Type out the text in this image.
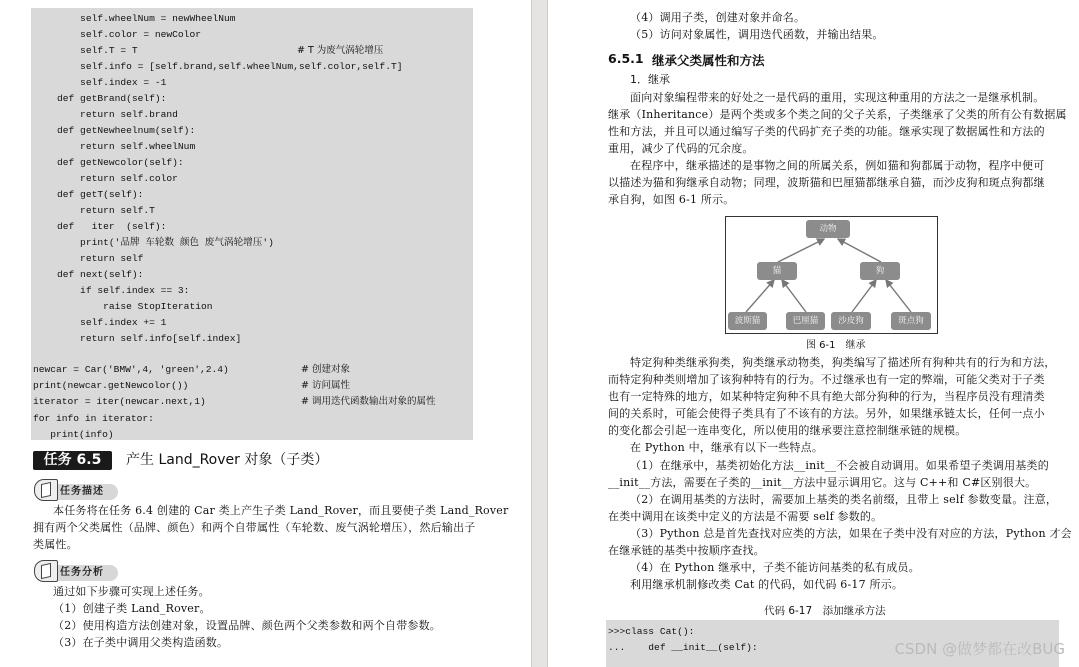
self.wheelNum = newWheelNum
self.color = newColor
self.T = T	# T 为废气涡轮增压
self.info = [self.brand,self.wheelNum,self.color,self.T]
self.index = -1
def getBrand(self):
return self.brand
def getNewheelnum(self):
return self.wheelNum
def getNewcolor(self):
return self.color
def getT(self):
return self.T
def   iter  (self):
print('品牌 车轮数 颜色 废气涡轮增压')
return self
def next(self):
if self.index == 3:
raise StopIteration
self.index += 1
return self.info[self.index]
newcar = Car('BMW',4, 'green',2.4)	# 创建对象
print(newcar.getNewcolor())	# 访问属性
iterator = iter(newcar.next,1)	# 调用迭代函数输出对象的属性
for info in iterator:
print(info)
任务 6.5	产生 Land_Rover 对象（子类）
任务描述
本任务将在任务 6.4 创建的 Car 类上产生子类 Land_Rover，而且要使子类 Land_Rover
拥有两个父类属性（品牌、颜色）和两个自带属性（车轮数、废气涡轮增压），然后输出子
类属性。
任务分析
通过如下步骤可实现上述任务。
（1）创建子类 Land_Rover。
（2）使用构造方法创建对象，设置品牌、颜色两个父类参数和两个自带参数。
（3）在子类中调用父类构造函数。
（4）调用子类，创建对象并命名。
（5）访问对象属性，调用迭代函数，并输出结果。
6.5.1 继承父类属性和方法
1．继承
面向对象编程带来的好处之一是代码的重用，实现这种重用的方法之一是继承机制。
继承（Inheritance）是两个类或多个类之间的父子关系，子类继承了父类的所有公有数据属
性和方法，并且可以通过编写子类的代码扩充子类的功能。继承实现了数据属性和方法的
重用，减少了代码的冗余度。
在程序中，继承描述的是事物之间的所属关系，例如猫和狗都属于动物，程序中便可
以描述为猫和狗继承自动物；同理，波斯猫和巴厘猫都继承自猫，而沙皮狗和斑点狗都继
承自狗，如图 6-1 所示。
动物
猫	狗
波斯猫	巴厘猫	沙皮狗	斑点狗
图 6-1　继承
特定狗种类继承狗类，狗类继承动物类，狗类编写了描述所有狗种共有的行为和方法，
而特定狗种类则增加了该狗种特有的行为。不过继承也有一定的弊端，可能父类对于子类
也有一定特殊的地方，如某种特定狗种不具有绝大部分狗种的行为，当程序员没有理清类
间的关系时，可能会使得子类具有了不该有的方法。另外，如果继承链太长，任何一点小
的变化都会引起一连串变化，所以使用的继承要注意控制继承链的规模。
在 Python 中，继承有以下一些特点。
（1）在继承中，基类初始化方法__init__不会被自动调用。如果希望子类调用基类的
__init__方法，需要在子类的__init__方法中显示调用它。这与 C++和 C#区别很大。
（2）在调用基类的方法时，需要加上基类的类名前缀，且带上 self 参数变量。注意，
在类中调用在该类中定义的方法是不需要 self 参数的。
（3）Python 总是首先查找对应类的方法，如果在子类中没有对应的方法，Python 才会
在继承链的基类中按顺序查找。
（4）在 Python 继承中，子类不能访问基类的私有成员。
利用继承机制修改类 Cat 的代码，如代码 6-17 所示。
代码 6-17　添加继承方法
>>>class Cat():
...    def __init__(self):	CSDN @做梦都在改BUG
